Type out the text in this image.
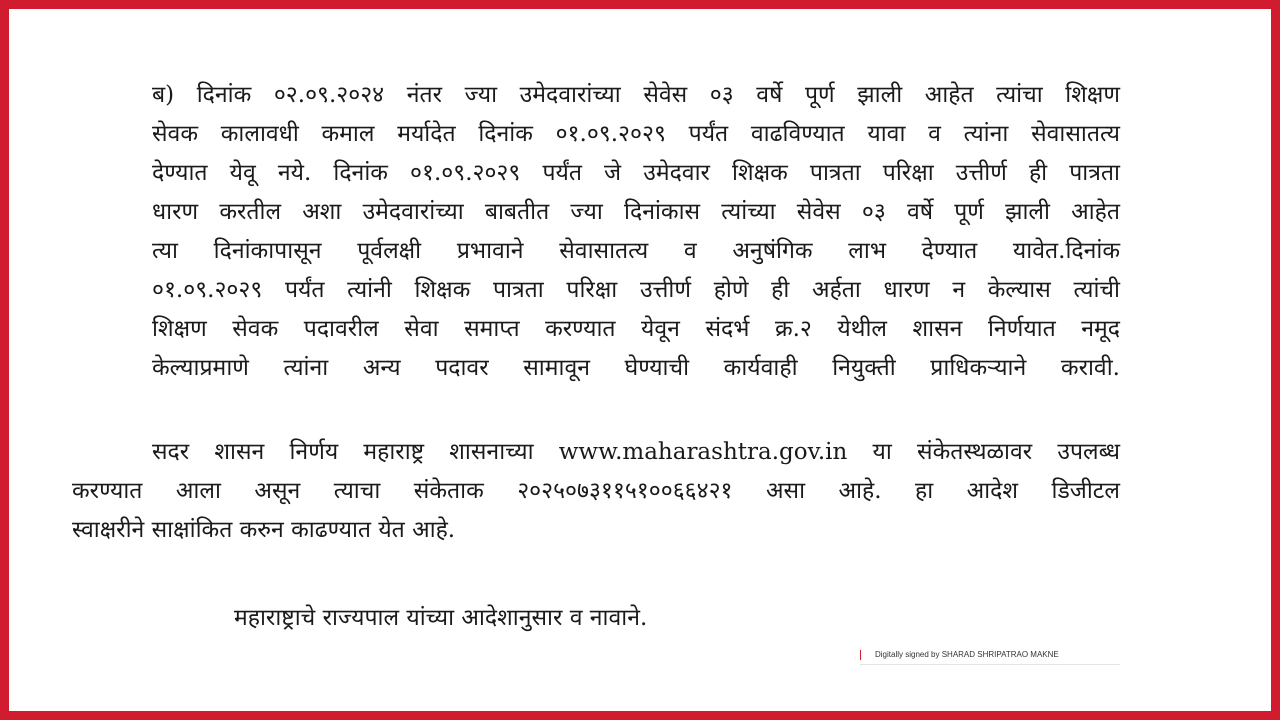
ब) दिनांक ०२.०९.२०२४ नंतर ज्या उमेदवारांच्या सेवेस ०३ वर्षे पूर्ण झाली आहेत त्यांचा शिक्षण
सेवक कालावधी कमाल मर्यादेत दिनांक ०१.०९.२०२९ पर्यंत वाढविण्यात यावा व त्यांना सेवासातत्य
देण्यात येवू नये. दिनांक ०१.०९.२०२९ पर्यंत जे उमेदवार शिक्षक पात्रता परिक्षा उत्तीर्ण ही पात्रता
धारण करतील अशा उमेदवारांच्या बाबतीत ज्या दिनांकास त्यांच्या सेवेस ०३ वर्षे पूर्ण झाली आहेत
त्या दिनांकापासून पूर्वलक्षी प्रभावाने सेवासातत्य व अनुषंगिक लाभ देण्यात यावेत.दिनांक
०१.०९.२०२९ पर्यंत त्यांनी शिक्षक पात्रता परिक्षा उत्तीर्ण होणे ही अर्हता धारण न केल्यास त्यांची
शिक्षण सेवक पदावरील सेवा समाप्त करण्यात येवून संदर्भ क्र.२ येथील शासन निर्णयात नमूद
केल्याप्रमाणे त्यांना अन्य पदावर सामावून घेण्याची कार्यवाही नियुक्ती प्राधिकऱ्याने करावी.
सदर शासन निर्णय महाराष्ट्र शासनाच्या www.maharashtra.gov.in या संकेतस्थळावर उपलब्ध
करण्यात आला असून त्याचा संकेताक २०२५०७३११५१००६६४२१ असा आहे. हा आदेश डिजीटल
स्वाक्षरीने साक्षांकित करुन काढण्यात येत आहे.
महाराष्ट्राचे राज्यपाल यांच्या आदेशानुसार व नावाने.
Digitally signed by SHARAD SHRIPATRAO MAKNE
